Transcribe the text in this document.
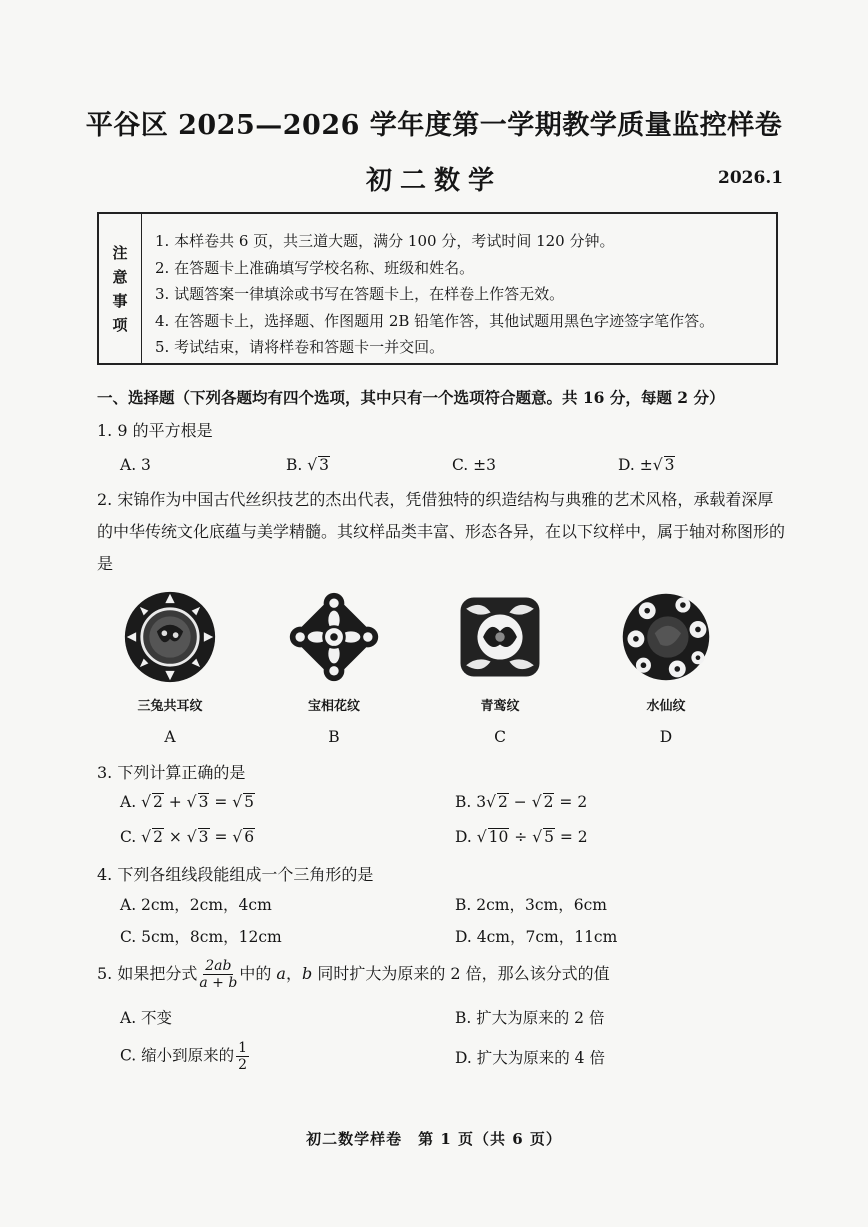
平谷区 2025—2026 学年度第一学期教学质量监控样卷
初二数学	2026.1
注
意
事
项
1. 本样卷共 6 页，共三道大题，满分 100 分，考试时间 120 分钟。
2. 在答题卡上准确填写学校名称、班级和姓名。
3. 试题答案一律填涂或书写在答题卡上，在样卷上作答无效。
4. 在答题卡上，选择题、作图题用 2B 铅笔作答，其他试题用黑色字迹签字笔作答。
5. 考试结束，请将样卷和答题卡一并交回。
一、选择题（下列各题均有四个选项，其中只有一个选项符合题意。共 16 分，每题 2 分）
1. 9 的平方根是
A. 3	B. √ 3	C. ±3	D. ±√ 3
2. 宋锦作为中国古代丝织技艺的杰出代表，凭借独特的织造结构与典雅的艺术风格，承载着深厚的中华传统文化底蕴与美学精髓。其纹样品类丰富、形态各异，在以下纹样中，属于轴对称图形的是
三兔共耳纹	宝相花纹	青鸾纹	水仙纹
A	B	C	D
3. 下列计算正确的是
A. √ 2 + √ 3 = √ 5	B. 3√ 2 − √ 2 = 2
C. √ 2 × √ 3 = √ 6	D. √ 10 ÷ √ 5 = 2
4. 下列各组线段能组成一个三角形的是
A. 2cm，2cm，4cm	B. 2cm，3cm，6cm
C. 5cm，8cm，12cm	D. 4cm，7cm，11cm
5. 如果把分式 $\frac{2ab}{a + b}$ 中的 a，b 同时扩大为原来的 2 倍，那么该分式的值
A. 不变	B. 扩大为原来的 2 倍
C. 缩小到原来的 $\frac{1}{2}$	D. 扩大为原来的 4 倍
初二数学样卷　第 1 页（共 6 页）
